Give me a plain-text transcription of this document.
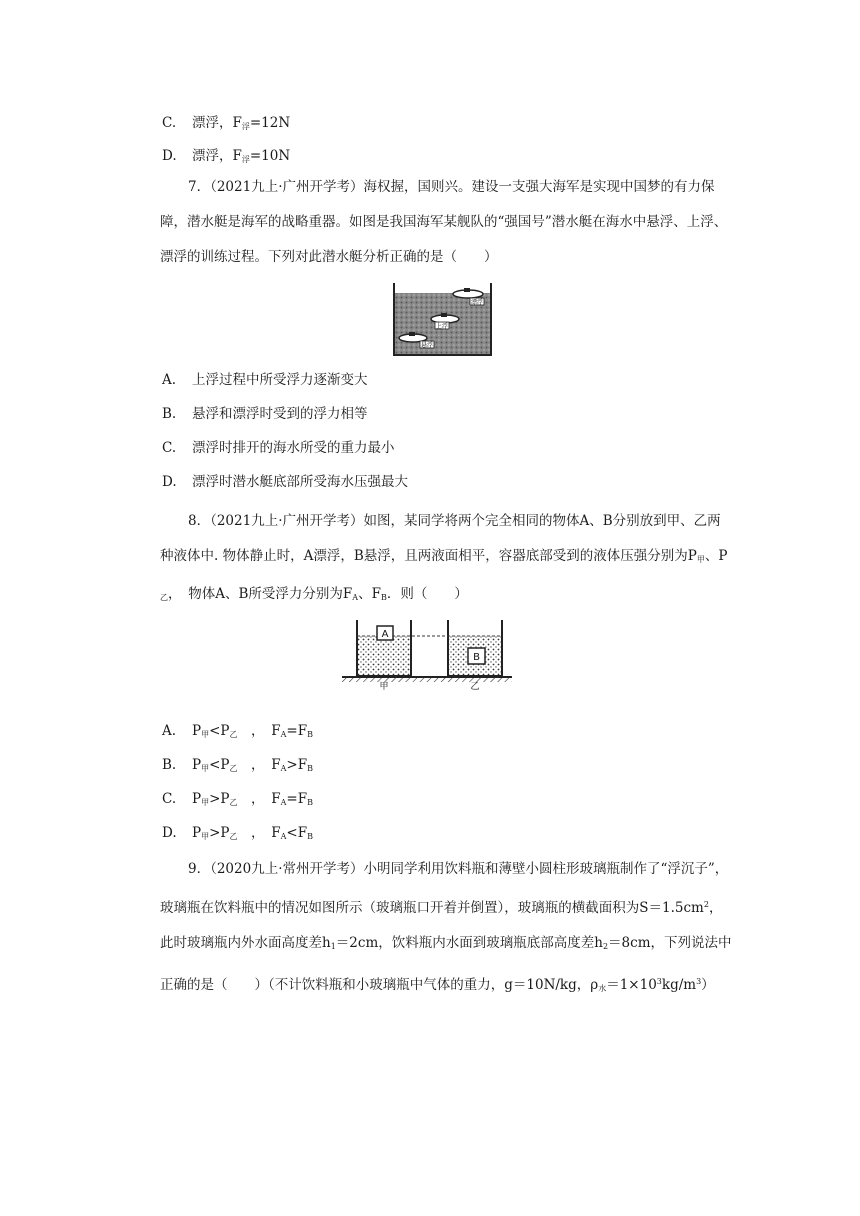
C. 漂浮，$F_浮=12N$
D. 漂浮，$F_浮=10N$
7．（2021九上·广州开学考）海权握，国则兴。建设一支强大海军是实现中国梦的有力保障，潜水艇是海军的战略重器。如图是我国海军某舰队的“强国号”潜水艇在海水中悬浮、上浮、漂浮的训练过程。下列对此潜水艇分析正确的是（　　）
漂浮
上浮
悬浮
A. 上浮过程中所受浮力逐渐变大
B. 悬浮和漂浮时受到的浮力相等
C. 漂浮时排开的海水所受的重力最小
D. 漂浮时潜水艇底部所受海水压强最大
8．（2021九上·广州开学考）如图，某同学将两个完全相同的物体A、B分别放到甲、乙两种液体中. 物体静止时，A漂浮，B悬浮，且两液面相平，容器底部受到的液体压强分别为$P_甲$、$P_乙$，　物体A、B所受浮力分别为$F_A$、$F_B$．则（　　）
A
B
甲	乙
A. $P_甲<P_乙$　，　$F_A=F_B$
B. $P_甲<P_乙$　，　$F_A>F_B$
C. $P_甲>P_乙$　，　$F_A=F_B$
D. $P_甲>P_乙$　，　$F_A<F_B$
9．（2020九上·常州开学考）小明同学利用饮料瓶和薄壁小圆柱形玻璃瓶制作了“浮沉子”，玻璃瓶在饮料瓶中的情况如图所示（玻璃瓶口开着并倒置），玻璃瓶的横截面积为$S=1.5cm^2$，此时玻璃瓶内外水面高度差$h_1=2cm$，饮料瓶内水面到玻璃瓶底部高度差$h_2=8cm$，下列说法中正确的是（　　）（不计饮料瓶和小玻璃瓶中气体的重力，g＝10N/kg，$\rho_水=1\times 10^3kg/m^3$）
